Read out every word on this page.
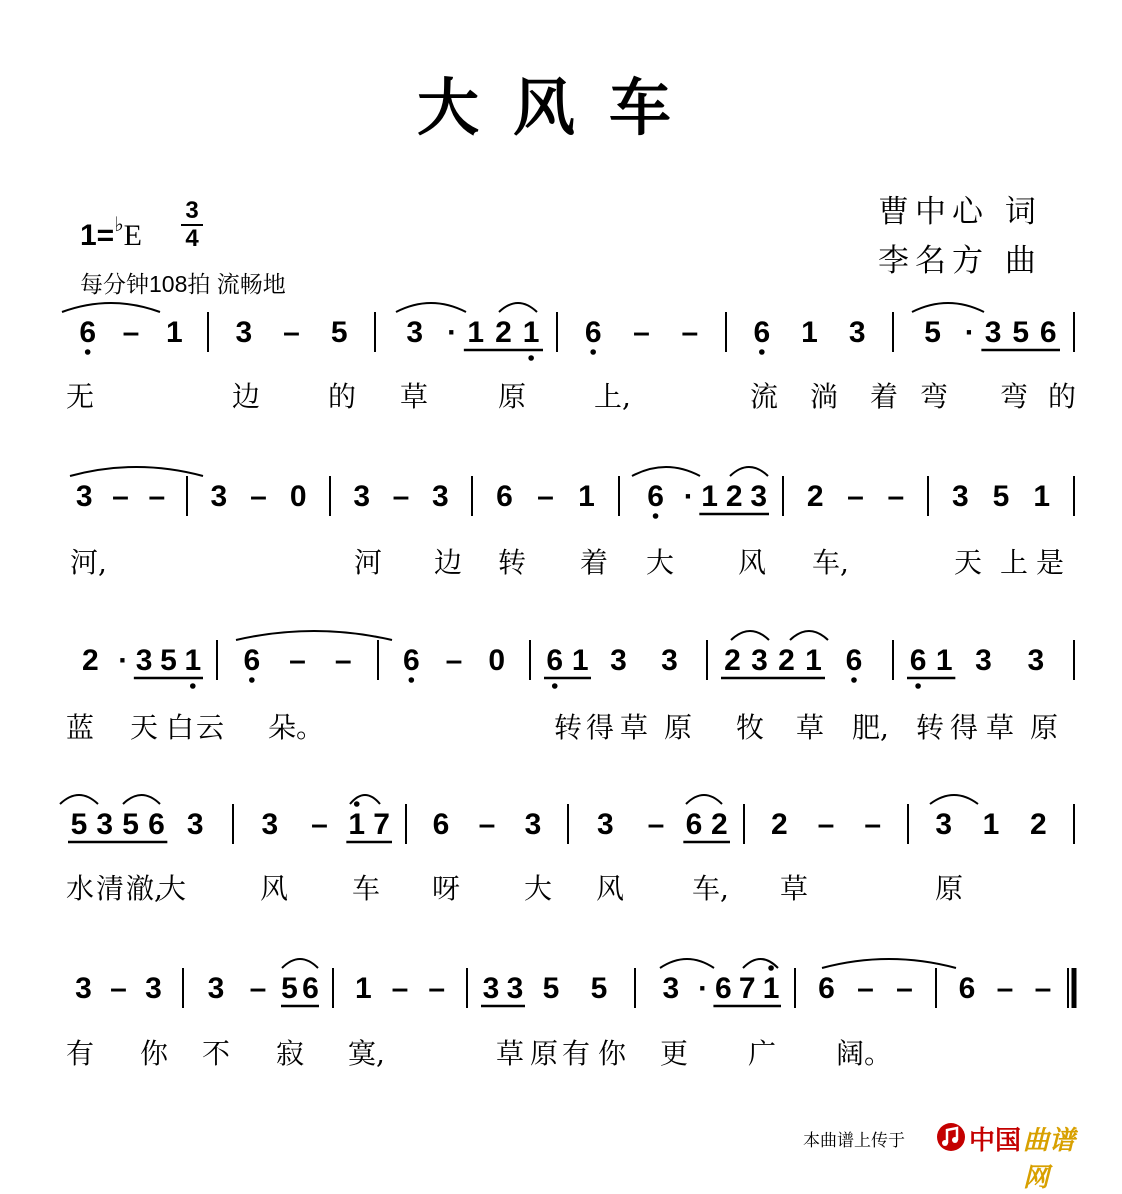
大风车
1=♭E
3
4
每分钟108拍 流畅地
曹中心 词
李名方 曲
6 – 1 3 – 5 3 · 1 2 1 6 – – 6 1 3 5 · 3 5 6
无	边 的 草 原 上,	流 淌 着 弯 弯 的
3 – – 3 – 0 3 – 3 6 – 1 6 · 1 2 3 2 – – 3 5 1
河,	河 边 转 着 大 风 车,	天 上 是
2 · 3 5 1 6 – – 6 – 0 6 1 3 3 2 3 2 1 6 6 1 3 3
蓝 天 白 云 朵。	转 得 草 原 牧 草 肥, 转 得 草 原
5 3 5 6 3 3 – 1 7 6 – 3 3 – 6 2 2 – – 3 1 2
水 清 澈,
大	风 车 呀 大 风 车, 草	原
3 – 3 3 – 5 6 1 – – 3 3 5 5 3 · 6 7 1 6 – – 6 – –
有 你 不 寂 寞,	草 原 有 你 更 广 阔。
本曲谱上传于 中国 曲谱网
